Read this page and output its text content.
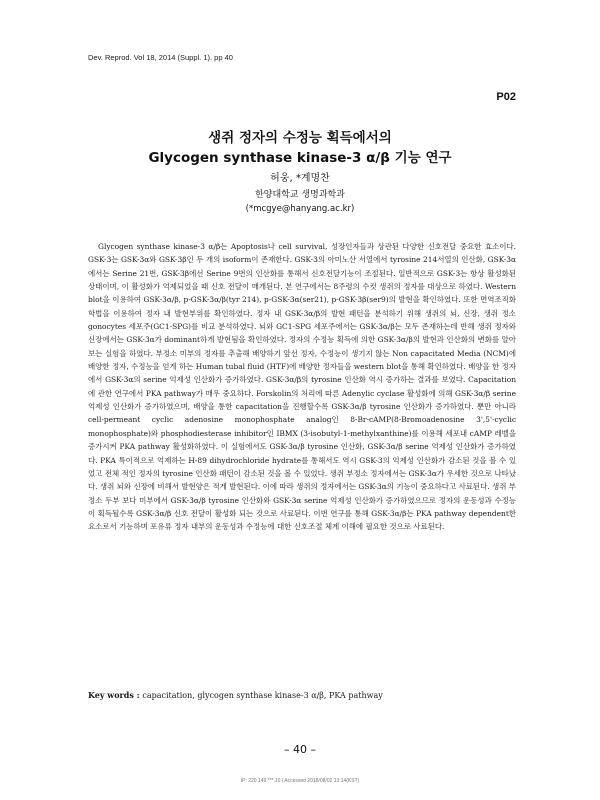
Dev. Reprod. Vol 18, 2014 (Suppl. 1). pp 40
P02
생쥐 정자의 수정능 획득에서의
Glycogen synthase kinase-3 α/β 기능 연구
허웅, *계명찬
한양대학교 생명과학과
(*mcgye@hanyang.ac.kr)

Glycogen synthase kinase-3 α/β는 Apoptosis나 cell survival, 성장인자들과 상관된 다양한 신호전달 중요한 효소이다. GSK-3는 GSK-3α와 GSK-3β인 두 개의 isoform이 존재한다. GSK-3의 아미노산 서열에서 tyrosine 214서열의 인산화, GSK-3α에서는 Serine 21번, GSK-3β에선 Serine 9번의 인산화를 통해서 신호전달기능이 조절된다. 일반적으로 GSK-3는 항상 활성화된 상태이며, 이 활성화가 억제되었을 때 신호 전달이 매개된다. 본 연구에서는 8주령의 수컷 생쥐의 정자를 대상으로 하였다. Western blot을 이용하여 GSK-3α/β, p-GSK-3α/β(tyr 214), p-GSK-3α(ser21), p-GSK-3β(ser9)의 발현을 확인하였다. 또한 면역조직화학법을 이용하여 정자 내 발현부위를 확인하였다. 정자 내 GSK-3α/β의 발현 패턴을 분석하기 위해 생쥐의 뇌, 신장, 생쥐 정소 gonocytes 세포주(GC1-SPG)를 비교 분석하였다. 뇌와 GC1-SPG 세포주에서는 GSK-3α/β는 모두 존재하는데 반해 생쥐 정자와 신장에서는 GSK-3α가 dominant하게 발현됨을 확인하였다. 정자의 수정능 획득에 의한 GSK-3α/β의 발현과 인산화의 변화를 알아보는 실험을 하였다. 부정소 미부의 정자를 추출해 배양하기 앞선 정자, 수정능이 생기지 않는 Non capacitated Media (NCM)에 배양한 정자, 수정능을 얻게 하는 Human tubal fluid (HTF)에 배양한 정자들을 western blot을 통해 확인하였다. 배양을 한 정자에서 GSK-3α의 serine 억제성 인산화가 증가하였다. GSK-3α/β의 tyrosine 인산화 역시 증가하는 결과를 보였다. Capacitation에 관한 연구에서 PKA pathway가 매우 중요하다. Forskolin의 처리에 따른 Adenylic cyclase 활성화에 의해 GSK-3α/β serine 억제성 인산화가 증가하였으며, 배양을 통한 capacitation을 진행할수록 GSK-3α/β tyrosine 인산화가 증가하였다. 뿐만 아니라 cell-permeant cyclic adenosine monophosphate analog인 8-Br-cAMP(8-Bromoadenosine 3',5'-cyclic monophosphate)와 phosphodiesterase inhibitor인 IBMX (3-isobutyl-1-methylxanthine)를 이용해 세포내 cAMP 레벨을 증가시켜 PKA pathway 활성화하였다. 이 실험에서도 GSK-3α/β tyrosine 인산화, GSK-3α/β serine 억제성 인산화가 증가하였다. PKA 특이적으로 억제하는 H-89 dihydrochloride hydrate를 통해서도 역시 GSK-3의 억제성 인산화가 감소된 것을 볼 수 있었고 전체 적인 정자의 tyrosine 인산화 패턴이 감소된 것을 볼 수 있었다. 생쥐 부정소 정자에서는 GSK-3α가 우세한 것으로 나타났다. 생쥐 뇌와 신장에 비해서 발현양은 적게 발현된다. 이에 따라 생쥐의 정자에서는 GSK-3α의 기능이 중요하다고 사료된다. 생쥐 부정소 두부 보다 미부에서 GSK-3α/β tyrosine 인산화와 GSK-3α serine 억제성 인산화가 증가하였으므로 정자의 운동성과 수정능이 획득될수록 GSK-3α/β 신호 전달이 활성화 되는 것으로 사료된다. 이번 연구를 통해 GSK-3α/β는 PKA pathway dependent한 요소로서 기능하며 포유류 정자 내부의 운동성과 수정능에 대한 신호조절 체계 이해에 필요한 것으로 사료된다.

Key words : capacitation, glycogen synthase kinase-3 α/β, PKA pathway
– 40 –
IP: 220.149.***.10 | Accessed 2018/08/02 13:14(KST)
